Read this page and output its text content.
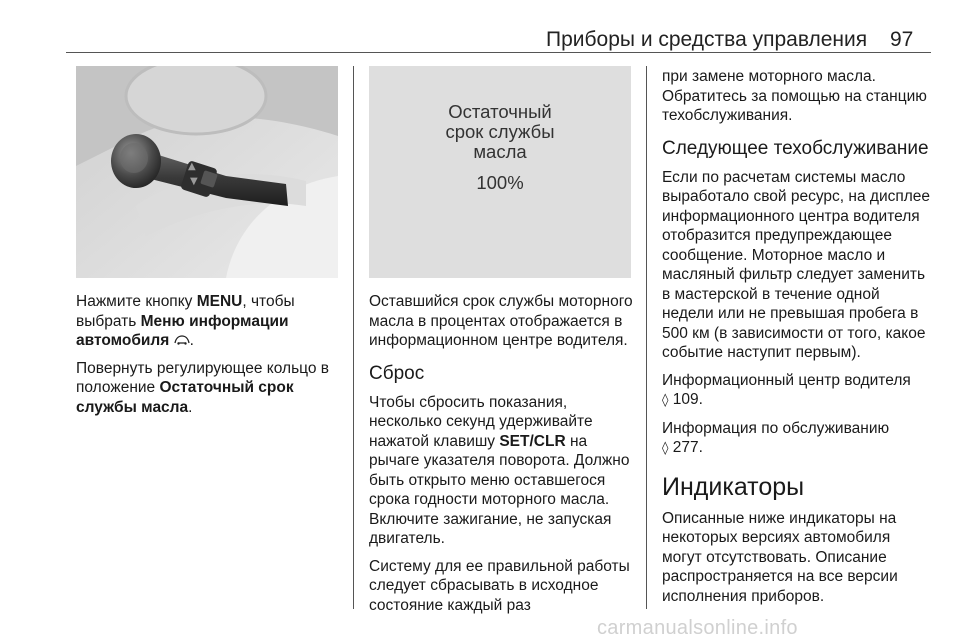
Приборы и средства управления 97
▲
▼
Остаточный
срок службы
масла
100%

Нажмите кнопку MENU, чтобы выбрать Меню информации автомобиля .

Повернуть регулирующее кольцо в положение Остаточный срок службы масла.

Оставшийся срок службы моторного масла в процентах отображается в информационном центре водителя.

Сброс

Чтобы сбросить показания, несколько секунд удерживайте нажатой клавишу SET/CLR на рычаге указателя поворота. Должно быть открыто меню оставшегося срока годности моторного масла. Включите зажигание, не запуская двигатель.

Систему для ее правильной работы следует сбрасывать в исходное состояние каждый раз

при замене моторного масла. Обратитесь за помощью на станцию техобслуживания.

Следующее техобслуживание

Если по расчетам системы масло выработало свой ресурс, на дисплее информационного центра водителя отобразится предупреждающее сообщение. Моторное масло и масляный фильтр следует заменить в мастерской в течение одной недели или не превышая пробега в 500 км (в зависимости от того, какое событие наступит первым).

Информационный центр водителя
◊ 109.

Информация по обслуживанию
◊ 277.

Индикаторы

Описанные ниже индикаторы на некоторых версиях автомобиля могут отсутствовать. Описание распространяется на все версии исполнения приборов.

carmanualsonline.info
